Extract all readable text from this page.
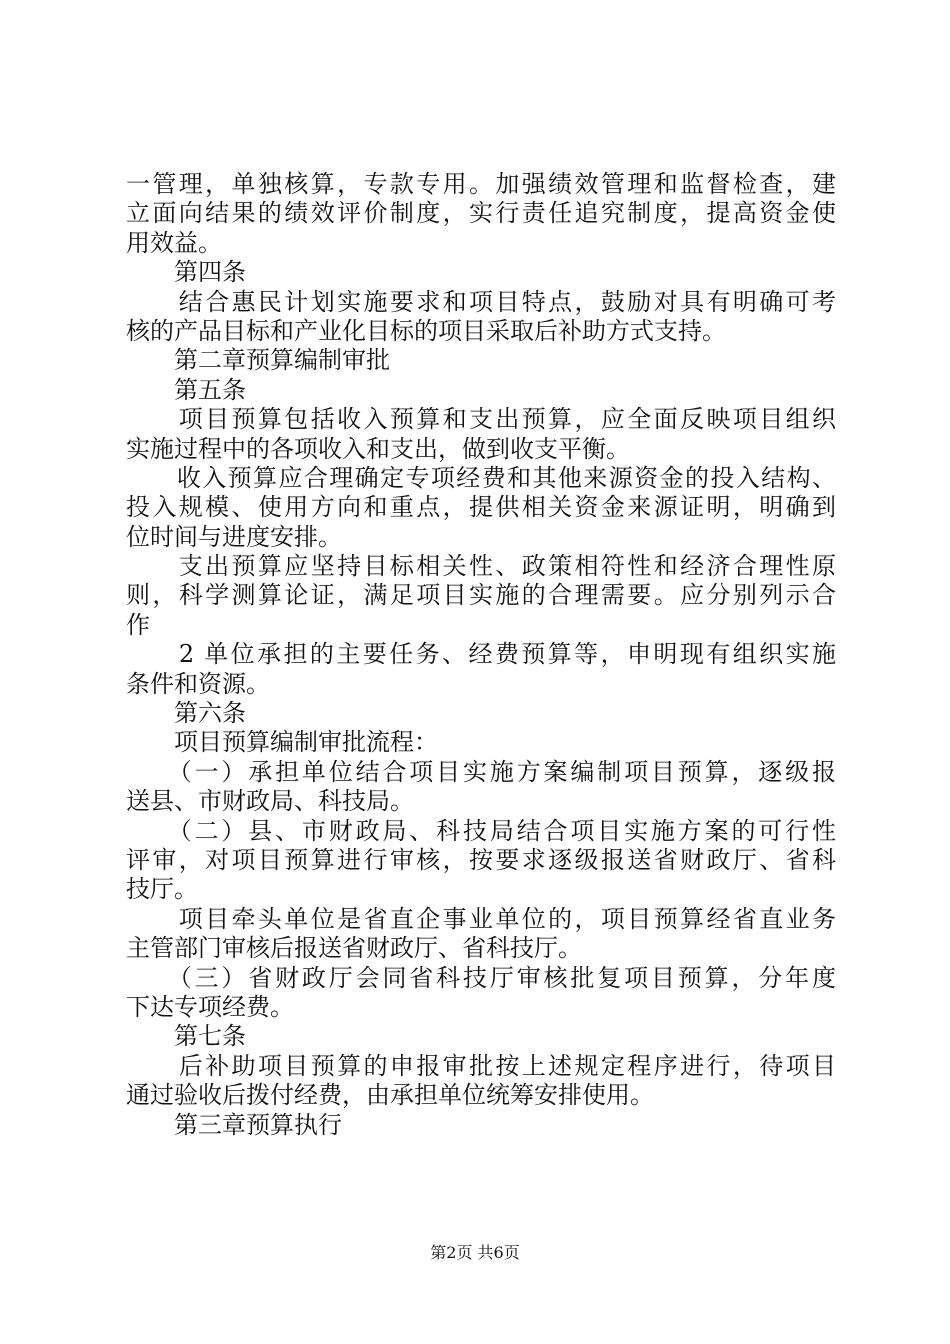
一管理，单独核算，专款专用。加强绩效管理和监督检查，建
立面向结果的绩效评价制度，实行责任追究制度，提高资金使
用效益。
　　第四条
　　结合惠民计划实施要求和项目特点，鼓励对具有明确可考
核的产品目标和产业化目标的项目采取后补助方式支持。
　　第二章预算编制审批
　　第五条
　　项目预算包括收入预算和支出预算，应全面反映项目组织
实施过程中的各项收入和支出，做到收支平衡。
　　收入预算应合理确定专项经费和其他来源资金的投入结构、
投入规模、使用方向和重点，提供相关资金来源证明，明确到
位时间与进度安排。
　　支出预算应坚持目标相关性、政策相符性和经济合理性原
则，科学测算论证，满足项目实施的合理需要。应分别列示合
作
　　2 单位承担的主要任务、经费预算等，申明现有组织实施
条件和资源。
　　第六条
　　项目预算编制审批流程：
　　（一）承担单位结合项目实施方案编制项目预算，逐级报
送县、市财政局、科技局。
　　（二）县、市财政局、科技局结合项目实施方案的可行性
评审，对项目预算进行审核，按要求逐级报送省财政厅、省科
技厅。
　　项目牵头单位是省直企事业单位的，项目预算经省直业务
主管部门审核后报送省财政厅、省科技厅。
　　（三）省财政厅会同省科技厅审核批复项目预算，分年度
下达专项经费。
　　第七条
　　后补助项目预算的申报审批按上述规定程序进行，待项目
通过验收后拨付经费，由承担单位统筹安排使用。
　　第三章预算执行
第2页 共6页
